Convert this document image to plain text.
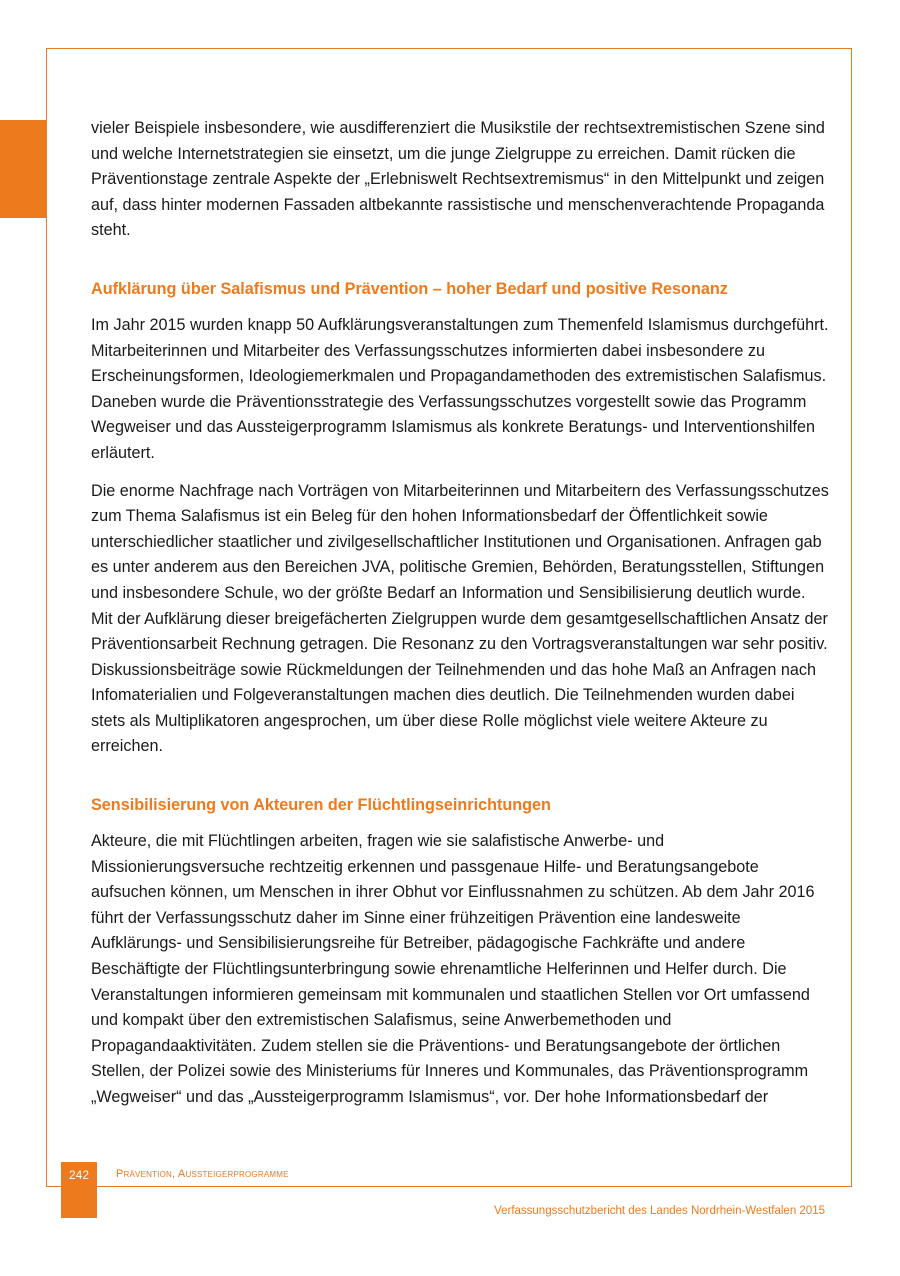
vieler Beispiele insbesondere, wie ausdifferenziert die Musikstile der rechtsextremistischen Szene sind und welche Internetstrategien sie einsetzt, um die junge Zielgruppe zu erreichen. Damit rücken die Präventionstage zentrale Aspekte der „Erlebniswelt Rechtsextremismus“ in den Mittelpunkt und zeigen auf, dass hinter modernen Fassaden altbekannte rassistische und menschenverachtende Propaganda steht.

Aufklärung über Salafismus und Prävention – hoher Bedarf und positive Resonanz

Im Jahr 2015 wurden knapp 50 Aufklärungsveranstaltungen zum Themenfeld Islamismus durchgeführt. Mitarbeiterinnen und Mitarbeiter des Verfassungsschutzes informierten dabei insbesondere zu Erscheinungsformen, Ideologiemerkmalen und Propagandamethoden des extremistischen Salafismus. Daneben wurde die Präventionsstrategie des Verfassungsschutzes vorgestellt sowie das Programm Wegweiser und das Aussteigerprogramm Islamismus als konkrete Beratungs- und Interventionshilfen erläutert.

Die enorme Nachfrage nach Vorträgen von Mitarbeiterinnen und Mitarbeitern des Verfassungsschutzes zum Thema Salafismus ist ein Beleg für den hohen Informationsbedarf der Öffentlichkeit sowie unterschiedlicher staatlicher und zivilgesellschaftlicher Institutionen und Organisationen. Anfragen gab es unter anderem aus den Bereichen JVA, politische Gremien, Behörden, Beratungsstellen, Stiftungen und insbesondere Schule, wo der größte Bedarf an Information und Sensibilisierung deutlich wurde. Mit der Aufklärung dieser breigefächerten Zielgruppen wurde dem gesamtgesellschaftlichen Ansatz der Präventionsarbeit Rechnung getragen. Die Resonanz zu den Vortragsveranstaltungen war sehr positiv. Diskussionsbeiträge sowie Rückmeldungen der Teilnehmenden und das hohe Maß an Anfragen nach Infomaterialien und Folgeveranstaltungen machen dies deutlich. Die Teilnehmenden wurden dabei stets als Multiplikatoren angesprochen, um über diese Rolle möglichst viele weitere Akteure zu erreichen.

Sensibilisierung von Akteuren der Flüchtlingseinrichtungen

Akteure, die mit Flüchtlingen arbeiten, fragen wie sie salafistische Anwerbe- und Missionierungsversuche rechtzeitig erkennen und passgenaue Hilfe- und Beratungsangebote aufsuchen können, um Menschen in ihrer Obhut vor Einflussnahmen zu schützen. Ab dem Jahr 2016 führt der Verfassungsschutz daher im Sinne einer frühzeitigen Prävention eine landesweite Aufklärungs- und Sensibilisierungsreihe für Betreiber, pädagogische Fachkräfte und andere Beschäftigte der Flüchtlingsunterbringung sowie ehrenamtliche Helferinnen und Helfer durch. Die Veranstaltungen informieren gemeinsam mit kommunalen und staatlichen Stellen vor Ort umfassend und kompakt über den extremistischen Salafismus, seine Anwerbemethoden und Propagandaaktivitäten. Zudem stellen sie die Präventions- und Beratungsangebote der örtlichen Stellen, der Polizei sowie des Ministeriums für Inneres und Kommunales, das Präventionsprogramm „Wegweiser“ und das „Aussteigerprogramm Islamismus“, vor. Der hohe Informationsbedarf der

242	Prävention, Aussteigerprogramme
Verfassungsschutzbericht des Landes Nordrhein-Westfalen 2015
